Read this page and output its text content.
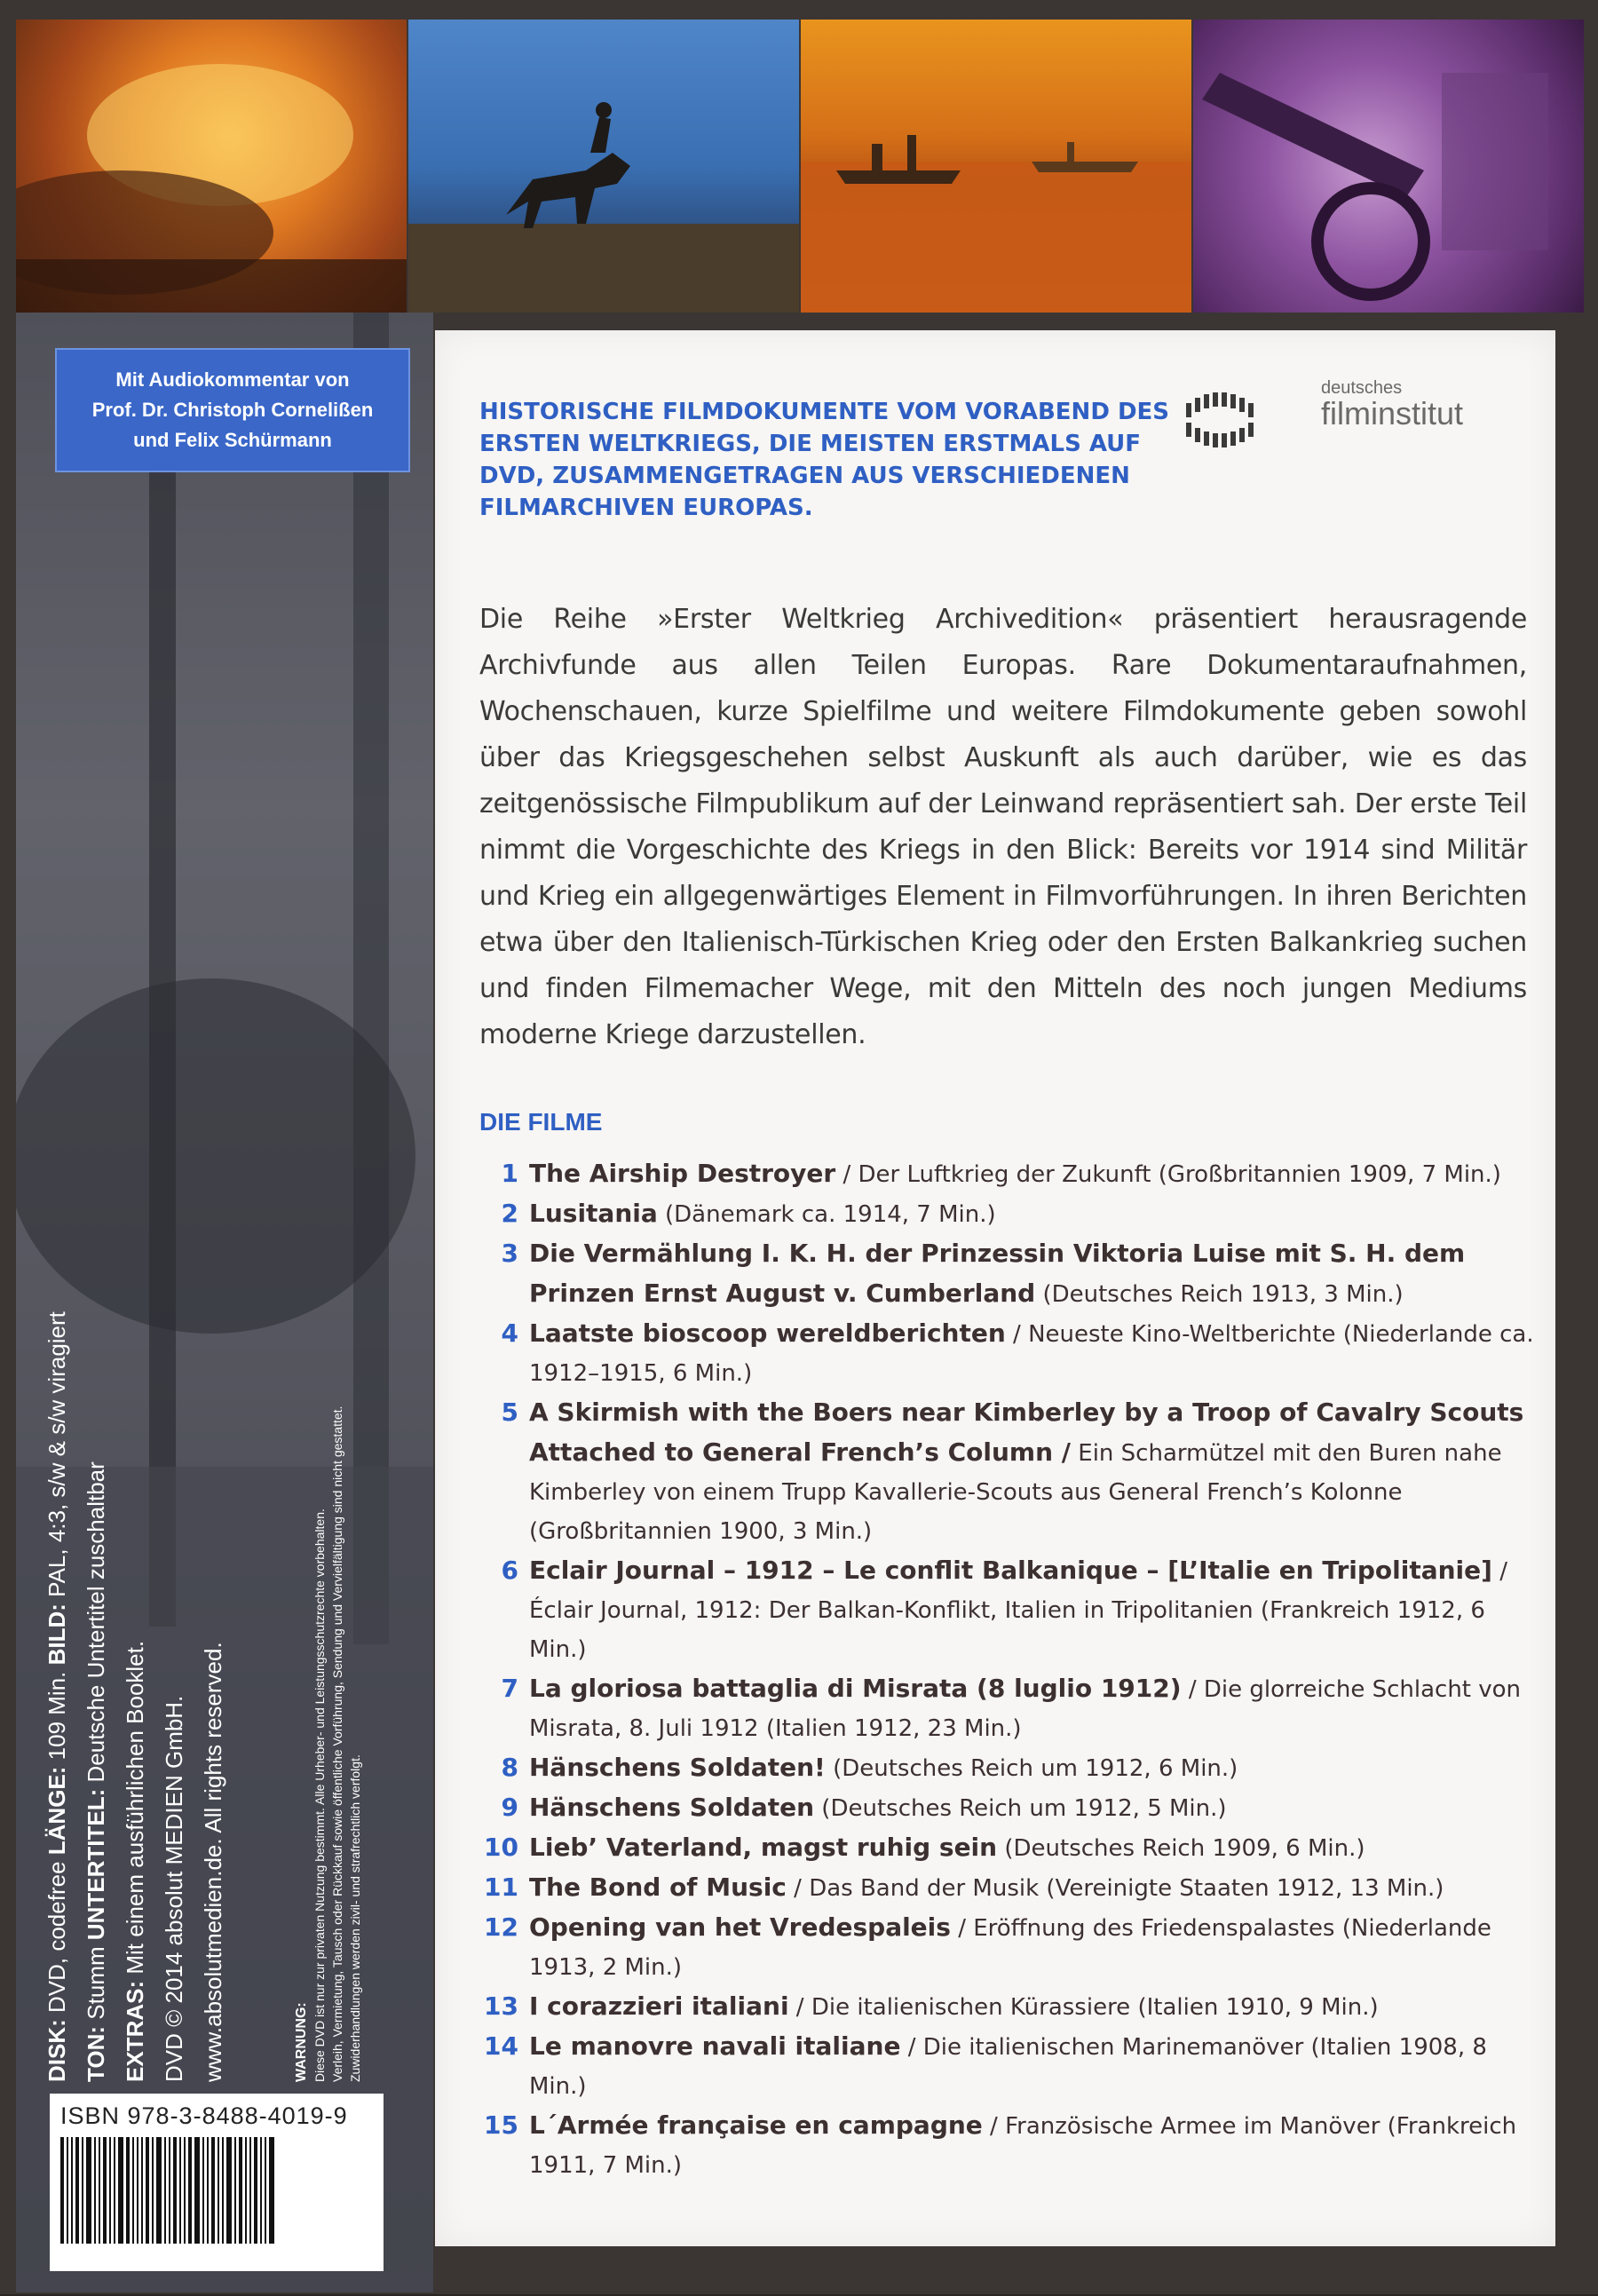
Mit Audiokommentar von
Prof. Dr. Christoph Cornelißen
und Felix Schürmann
DISK: DVD, codefree LÄNGE: 109 Min. BILD: PAL, 4:3, s/w & s/w viragiert
TON: Stumm UNTERTITEL: Deutsche Untertitel zuschaltbar
EXTRAS: Mit einem ausführlichen Booklet. DVD © 2014 absolut MEDIEN GmbH. www.absolutmedien.de. All rights reserved.	WARNUNG: Diese DVD ist nur zur privaten Nutzung bestimmt. Alle Urheber- und Leistungsschutzrechte vorbehalten. Verleih, Vermietung, Tausch oder Rückkauf sowie öffentliche Vorführung, Sendung und Vervielfältigung sind nicht gestattet. Zuwiderhandlungen werden zivil- und strafrechtlich verfolgt.
ISBN 978-3-8488-4019-9
HISTORISCHE FILMDOKUMENTE VOM VORABEND DES ERSTEN WELTKRIEGS, DIE MEISTEN ERSTMALS AUF DVD, ZUSAMMENGETRAGEN AUS VERSCHIEDENEN FILMARCHIVEN EUROPAS.
deutsches
filminstitut
Die Reihe »Erster Weltkrieg Archivedition« präsentiert herausragende Archivfunde aus allen Teilen Europas. Rare Dokumentaraufnahmen, Wochenschauen, kurze Spielfilme und weitere Filmdokumente geben sowohl über das Kriegsgeschehen selbst Auskunft als auch darüber, wie es das zeitgenössische Filmpublikum auf der Leinwand repräsentiert sah. Der erste Teil nimmt die Vorgeschichte des Kriegs in den Blick: Bereits vor 1914 sind Militär und Krieg ein allgegenwärtiges Element in Filmvorführungen. In ihren Berichten etwa über den Italienisch-Türkischen Krieg oder den Ersten Balkankrieg suchen und finden Filmemacher Wege, mit den Mitteln des noch jungen Mediums moderne Kriege darzustellen.
DIE FILME
1 The Airship Destroyer / Der Luftkrieg der Zukunft (Großbritannien 1909, 7 Min.)
2 Lusitania (Dänemark ca. 1914, 7 Min.)
3 Die Vermählung I. K. H. der Prinzessin Viktoria Luise mit S. H. dem Prinzen Ernst August v. Cumberland (Deutsches Reich 1913, 3 Min.)
4 Laatste bioscoop wereldberichten / Neueste Kino-Weltberichte (Niederlande ca. 1912–1915, 6 Min.)
5 A Skirmish with the Boers near Kimberley by a Troop of Cavalry Scouts Attached to General French’s Column / Ein Scharmützel mit den Buren nahe Kimberley von einem Trupp Kavallerie-Scouts aus General French’s Kolonne (Großbritannien 1900, 3 Min.)
6 Eclair Journal – 1912 – Le conflit Balkanique – [L’Italie en Tripolitanie] / Éclair Journal, 1912: Der Balkan-Konflikt, Italien in Tripolitanien (Frankreich 1912, 6 Min.)
7 La gloriosa battaglia di Misrata (8 luglio 1912) / Die glorreiche Schlacht von Misrata, 8. Juli 1912 (Italien 1912, 23 Min.)
8 Hänschens Soldaten! (Deutsches Reich um 1912, 6 Min.)
9 Hänschens Soldaten (Deutsches Reich um 1912, 5 Min.)
10 Lieb’ Vaterland, magst ruhig sein (Deutsches Reich 1909, 6 Min.)
11 The Bond of Music / Das Band der Musik (Vereinigte Staaten 1912, 13 Min.)
12 Opening van het Vredespaleis / Eröffnung des Friedenspalastes (Niederlande 1913, 2 Min.)
13 I corazzieri italiani / Die italienischen Kürassiere (Italien 1910, 9 Min.)
14 Le manovre navali italiane / Die italienischen Marinemanöver (Italien 1908, 8 Min.)
15 L´Armée française en campagne / Französische Armee im Manöver (Frankreich 1911, 7 Min.)
